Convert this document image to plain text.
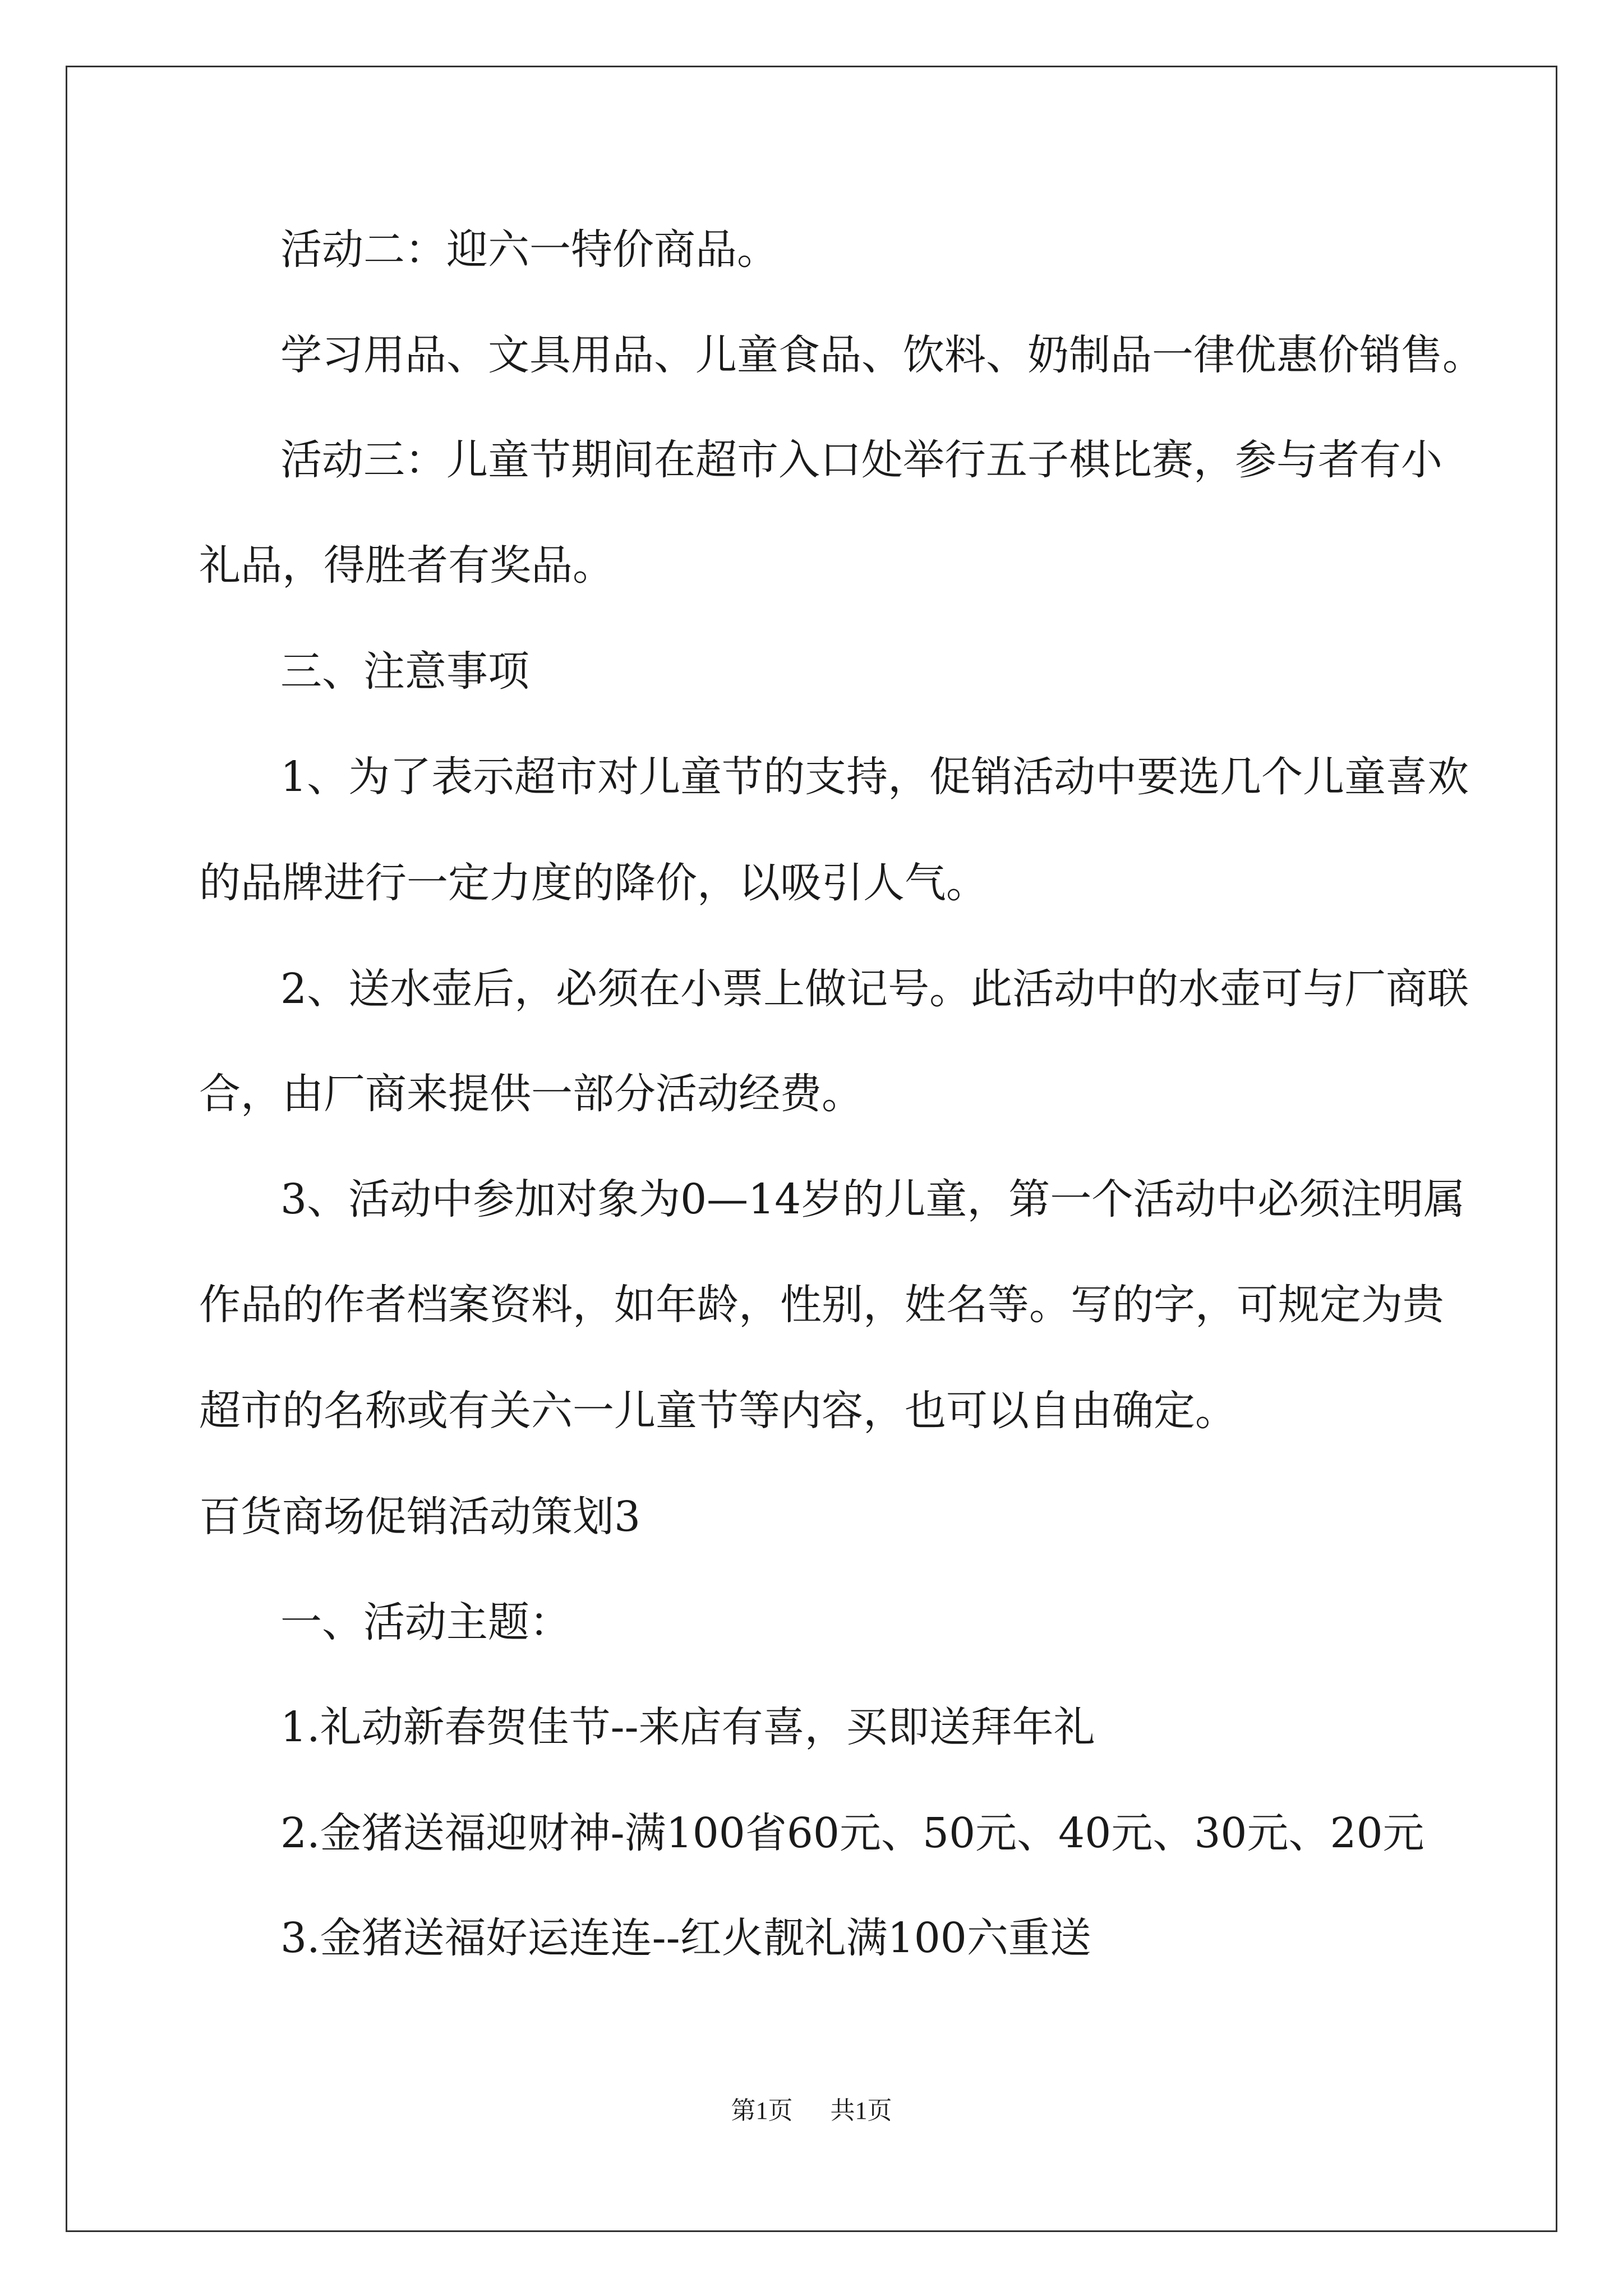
活动二：迎六一特价商品。

学习用品、文具用品、儿童食品、饮料、奶制品一律优惠价销售。

活动三：儿童节期间在超市入口处举行五子棋比赛，参与者有小

礼品，得胜者有奖品。

三、注意事项

1、为了表示超市对儿童节的支持，促销活动中要选几个儿童喜欢

的品牌进行一定力度的降价，以吸引人气。

2、送水壶后，必须在小票上做记号。此活动中的水壶可与厂商联

合，由厂商来提供一部分活动经费。

3、活动中参加对象为0—14岁的儿童，第一个活动中必须注明属

作品的作者档案资料，如年龄，性别，姓名等。写的字，可规定为贵

超市的名称或有关六一儿童节等内容，也可以自由确定。

百货商场促销活动策划3

一、活动主题：

1.礼动新春贺佳节--来店有喜，买即送拜年礼

2.金猪送福迎财神-满100省60元、50元、40元、30元、20元

3.金猪送福好运连连--红火靓礼满100六重送

第1页 共1页
